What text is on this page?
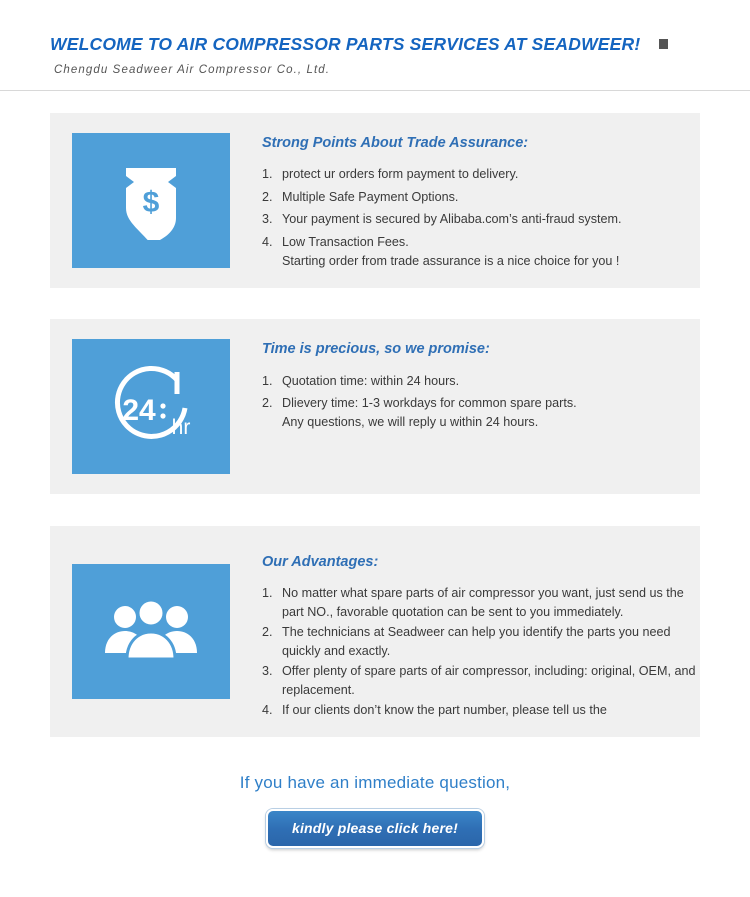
WELCOME TO AIR COMPRESSOR PARTS SERVICES AT SEADWEER!
Chengdu Seadweer Air Compressor Co., Ltd.
$
Strong Points About Trade Assurance:
protect ur orders form payment to delivery.
Multiple Safe Payment Options.
Your payment is secured by Alibaba.com’s anti-fraud system.
Low Transaction Fees.
Starting order from trade assurance is a nice choice for you !
24
hr
Time is precious, so we promise:
Quotation time: within 24 hours.
Dlievery time: 1-3 workdays for common spare parts.
Any questions, we will reply u within 24 hours.
Our Advantages:
No matter what spare parts of air compressor you want, just send us the part NO., favorable quotation can be sent to you immediately.
The technicians at Seadweer can help you identify the parts you need quickly and exactly.
Offer plenty of spare parts of air compressor, including: original, OEM, and replacement.
If our clients don’t know the part number, please tell us the
If you have an immediate question,
kindly please click here!
